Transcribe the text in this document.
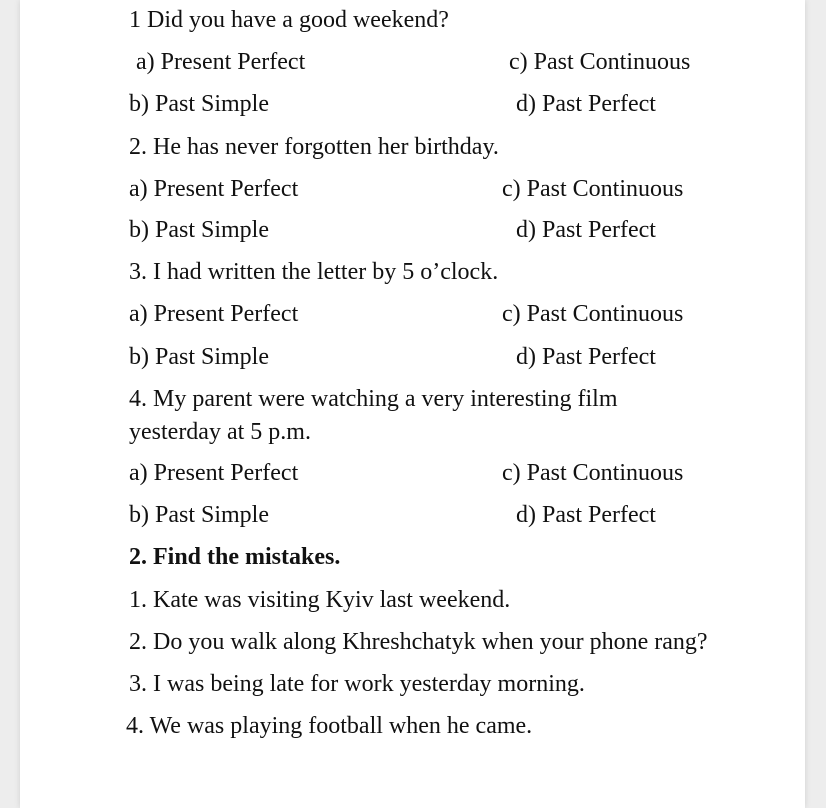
1 Did you have a good weekend?

a) Present Perfect	c) Past Continuous

b) Past Simple	d) Past Perfect

2. He has never forgotten her birthday.

a) Present Perfect	c) Past Continuous

b) Past Simple	d) Past Perfect

3. I had written the letter by 5 o’clock.

a) Present Perfect	c) Past Continuous

b) Past Simple	d) Past Perfect

4. My parent were watching a very interesting film

yesterday at 5 p.m.

a) Present Perfect	c) Past Continuous

b) Past Simple	d) Past Perfect

2. Find the mistakes.

1. Kate was visiting Kyiv last weekend.

2. Do you walk along Khreshchatyk when your phone rang?

3. I was being late for work yesterday morning.

4. We was playing football when he came.
